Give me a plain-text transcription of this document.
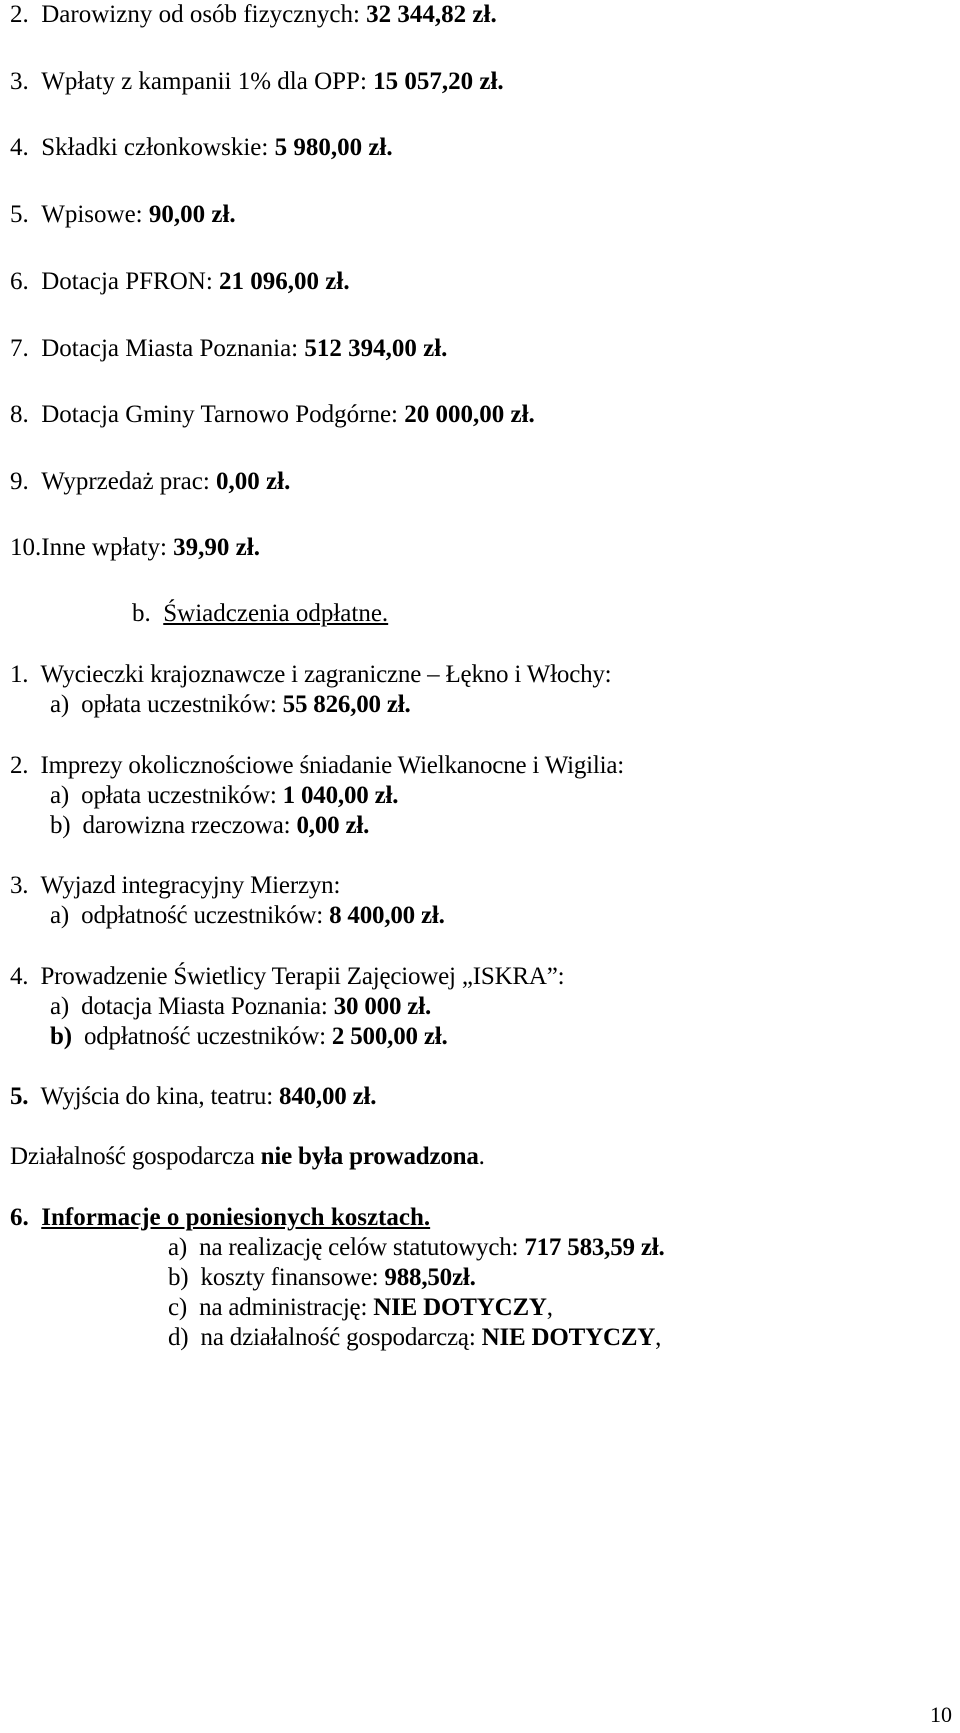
2. Darowizny od osób fizycznych: 32 344,82 zł.
3. Wpłaty z kampanii 1% dla OPP: 15 057,20 zł.
4. Składki członkowskie: 5 980,00 zł.
5. Wpisowe: 90,00 zł.
6. Dotacja PFRON: 21 096,00 zł.
7. Dotacja Miasta Poznania: 512 394,00 zł.
8. Dotacja Gminy Tarnowo Podgórne: 20 000,00 zł.
9. Wyprzedaż prac: 0,00 zł.
10.Inne wpłaty: 39,90 zł.
b. Świadczenia odpłatne.
1. Wycieczki krajoznawcze i zagraniczne – Łękno i Włochy:
a) opłata uczestników: 55 826,00 zł.
2. Imprezy okolicznościowe śniadanie Wielkanocne i Wigilia:
a) opłata uczestników: 1 040,00 zł.
b) darowizna rzeczowa: 0,00 zł.
3. Wyjazd integracyjny Mierzyn:
a) odpłatność uczestników: 8 400,00 zł.
4. Prowadzenie Świetlicy Terapii Zajęciowej „ISKRA”:
a) dotacja Miasta Poznania: 30 000 zł.
b) odpłatność uczestników: 2 500,00 zł.
5. Wyjścia do kina, teatru: 840,00 zł.
Działalność gospodarcza nie była prowadzona.
6. Informacje o poniesionych kosztach.
a) na realizację celów statutowych: 717 583,59 zł.
b) koszty finansowe: 988,50zł.
c) na administrację: NIE DOTYCZY,
d) na działalność gospodarczą: NIE DOTYCZY,
10
